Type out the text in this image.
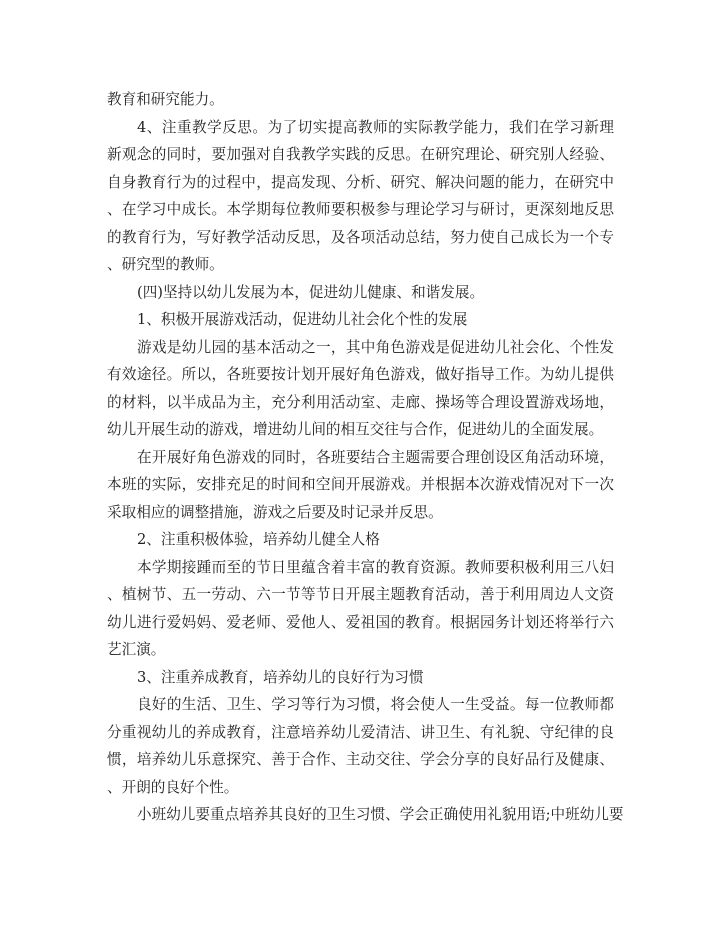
教育和研究能力。
4、注重教学反思。为了切实提高教师的实际教学能力，我们在学习新理
新观念的同时，要加强对自我教学实践的反思。在研究理论、研究别人经验、
自身教育行为的过程中，提高发现、分析、研究、解决问题的能力，在研究中
、在学习中成长。本学期每位教师要积极参与理论学习与研讨，更深刻地反思
的教育行为，写好教学活动反思，及各项活动总结，努力使自己成长为一个专
、研究型的教师。
(四)坚持以幼儿发展为本，促进幼儿健康、和谐发展。
1、积极开展游戏活动，促进幼儿社会化个性的发展
游戏是幼儿园的基本活动之一，其中角色游戏是促进幼儿社会化、个性发
有效途径。所以，各班要按计划开展好角色游戏，做好指导工作。为幼儿提供
的材料，以半成品为主，充分利用活动室、走廊、操场等合理设置游戏场地，
幼儿开展生动的游戏，增进幼儿间的相互交往与合作，促进幼儿的全面发展。
在开展好角色游戏的同时，各班要结合主题需要合理创设区角活动环境，
本班的实际，安排充足的时间和空间开展游戏。并根据本次游戏情况对下一次
采取相应的调整措施，游戏之后要及时记录并反思。
2、注重积极体验，培养幼儿健全人格
本学期接踵而至的节日里蕴含着丰富的教育资源。教师要积极利用三八妇
、植树节、五一劳动、六一节等节日开展主题教育活动，善于利用周边人文资
幼儿进行爱妈妈、爱老师、爱他人、爱祖国的教育。根据园务计划还将举行六
艺汇演。
3、注重养成教育，培养幼儿的良好行为习惯
良好的生活、卫生、学习等行为习惯，将会使人一生受益。每一位教师都
分重视幼儿的养成教育，注意培养幼儿爱清洁、讲卫生、有礼貌、守纪律的良
惯，培养幼儿乐意探究、善于合作、主动交往、学会分享的良好品行及健康、
、开朗的良好个性。
小班幼儿要重点培养其良好的卫生习惯、学会正确使用礼貌用语;中班幼儿要
